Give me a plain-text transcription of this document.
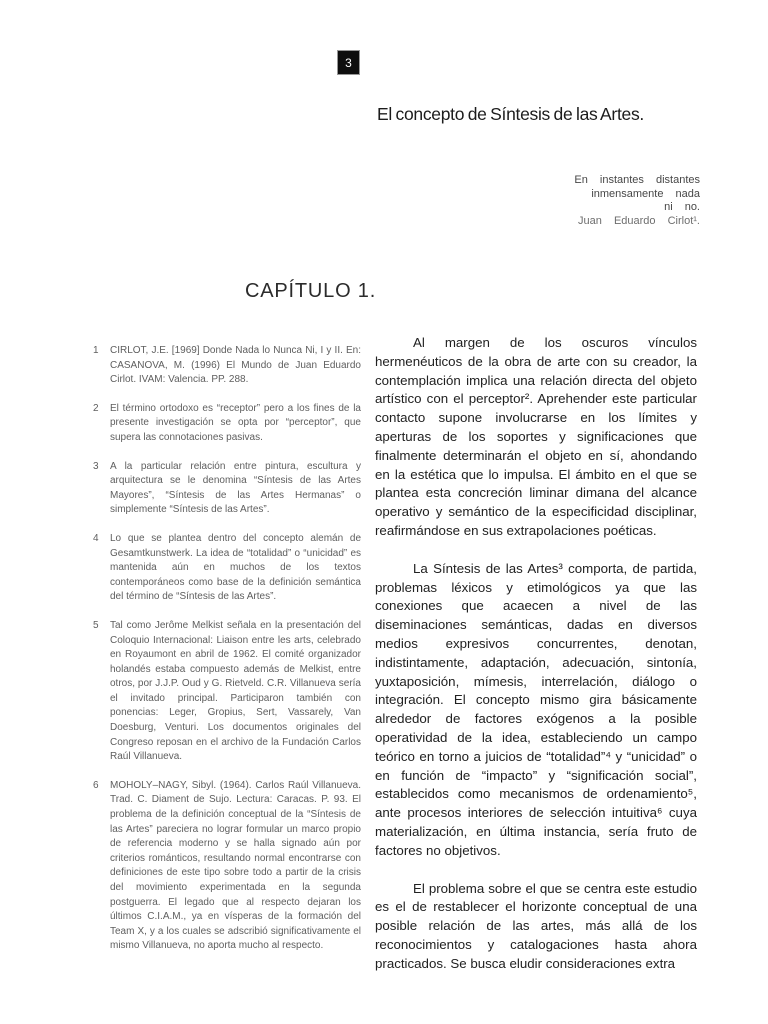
3
El concepto de Síntesis de las Artes.
En instantes distantes
inmensamente nada
ni no.
Juan Eduardo Cirlot¹.
CAPÍTULO 1.
1	CIRLOT, J.E. [1969] Donde Nada lo Nunca Ni, I y II. En: CASANOVA, M. (1996) El Mundo de Juan Eduardo Cirlot. IVAM: Valencia. PP. 288.

2	El término ortodoxo es “receptor” pero a los fines de la presente investigación se opta por “perceptor”, que supera las connotaciones pasivas.

3	A la particular relación entre pintura, escultura y arquitectura se le denomina “Síntesis de las Artes Mayores”, “Síntesis de las Artes Hermanas” o simplemente “Síntesis de las Artes”.

4	Lo que se plantea dentro del concepto alemán de Gesamtkunstwerk. La idea de “totalidad” o “unicidad” es mantenida aún en muchos de los textos contemporáneos como base de la definición semántica del término de “Síntesis de las Artes”.

5	Tal como Jerôme Melkist señala en la presentación del Coloquio Internacional: Liaison entre les arts, celebrado en Royaumont en abril de 1962. El comité organizador holandés estaba compuesto además de Melkist, entre otros, por J.J.P. Oud y G. Rietveld. C.R. Villanueva sería el invitado principal. Participaron también con ponencias: Leger, Gropius, Sert, Vassarely, Van Doesburg, Venturi. Los documentos originales del Congreso reposan en el archivo de la Fundación Carlos Raúl Villanueva.

6	MOHOLY–NAGY, Sibyl. (1964). Carlos Raúl Villanueva. Trad. C. Diament de Sujo. Lectura: Caracas. P. 93. El problema de la definición conceptual de la “Síntesis de las Artes” pareciera no lograr formular un marco propio de referencia moderno y se halla signado aún por criterios románticos, resultando normal encontrarse con definiciones de este tipo sobre todo a partir de la crisis del movimiento experimentada en la segunda postguerra. El legado que al respecto dejaran los últimos C.I.A.M., ya en vísperas de la formación del Team X, y a los cuales se adscribió significativamente el mismo Villanueva, no aporta mucho al respecto.

Al margen de los oscuros vínculos hermenéuticos de la obra de arte con su creador, la contemplación implica una relación directa del objeto artístico con el perceptor². Aprehender este particular contacto supone involucrarse en los límites y aperturas de los soportes y significaciones que finalmente determinarán el objeto en sí, ahondando en la estética que lo impulsa. El ámbito en el que se plantea esta concreción liminar dimana del alcance operativo y semántico de la especificidad disciplinar, reafirmándose en sus extrapolaciones poéticas.

La Síntesis de las Artes³ comporta, de partida, problemas léxicos y etimológicos ya que las conexiones que acaecen a nivel de las diseminaciones semánticas, dadas en diversos medios expresivos concurrentes, denotan, indistintamente, adaptación, adecuación, sintonía, yuxtaposición, mímesis, interrelación, diálogo o integración. El concepto mismo gira básicamente alrededor de factores exógenos a la posible operatividad de la idea, estableciendo un campo teórico en torno a juicios de “totalidad”⁴ y “unicidad” o en función de “impacto” y “significación social”, establecidos como mecanismos de ordenamiento⁵, ante procesos interiores de selección intuitiva⁶ cuya materialización, en última instancia, sería fruto de factores no objetivos.

El problema sobre el que se centra este estudio es el de restablecer el horizonte conceptual de una posible relación de las artes, más allá de los reconocimientos y catalogaciones hasta ahora practicados. Se busca eludir consideraciones extra
